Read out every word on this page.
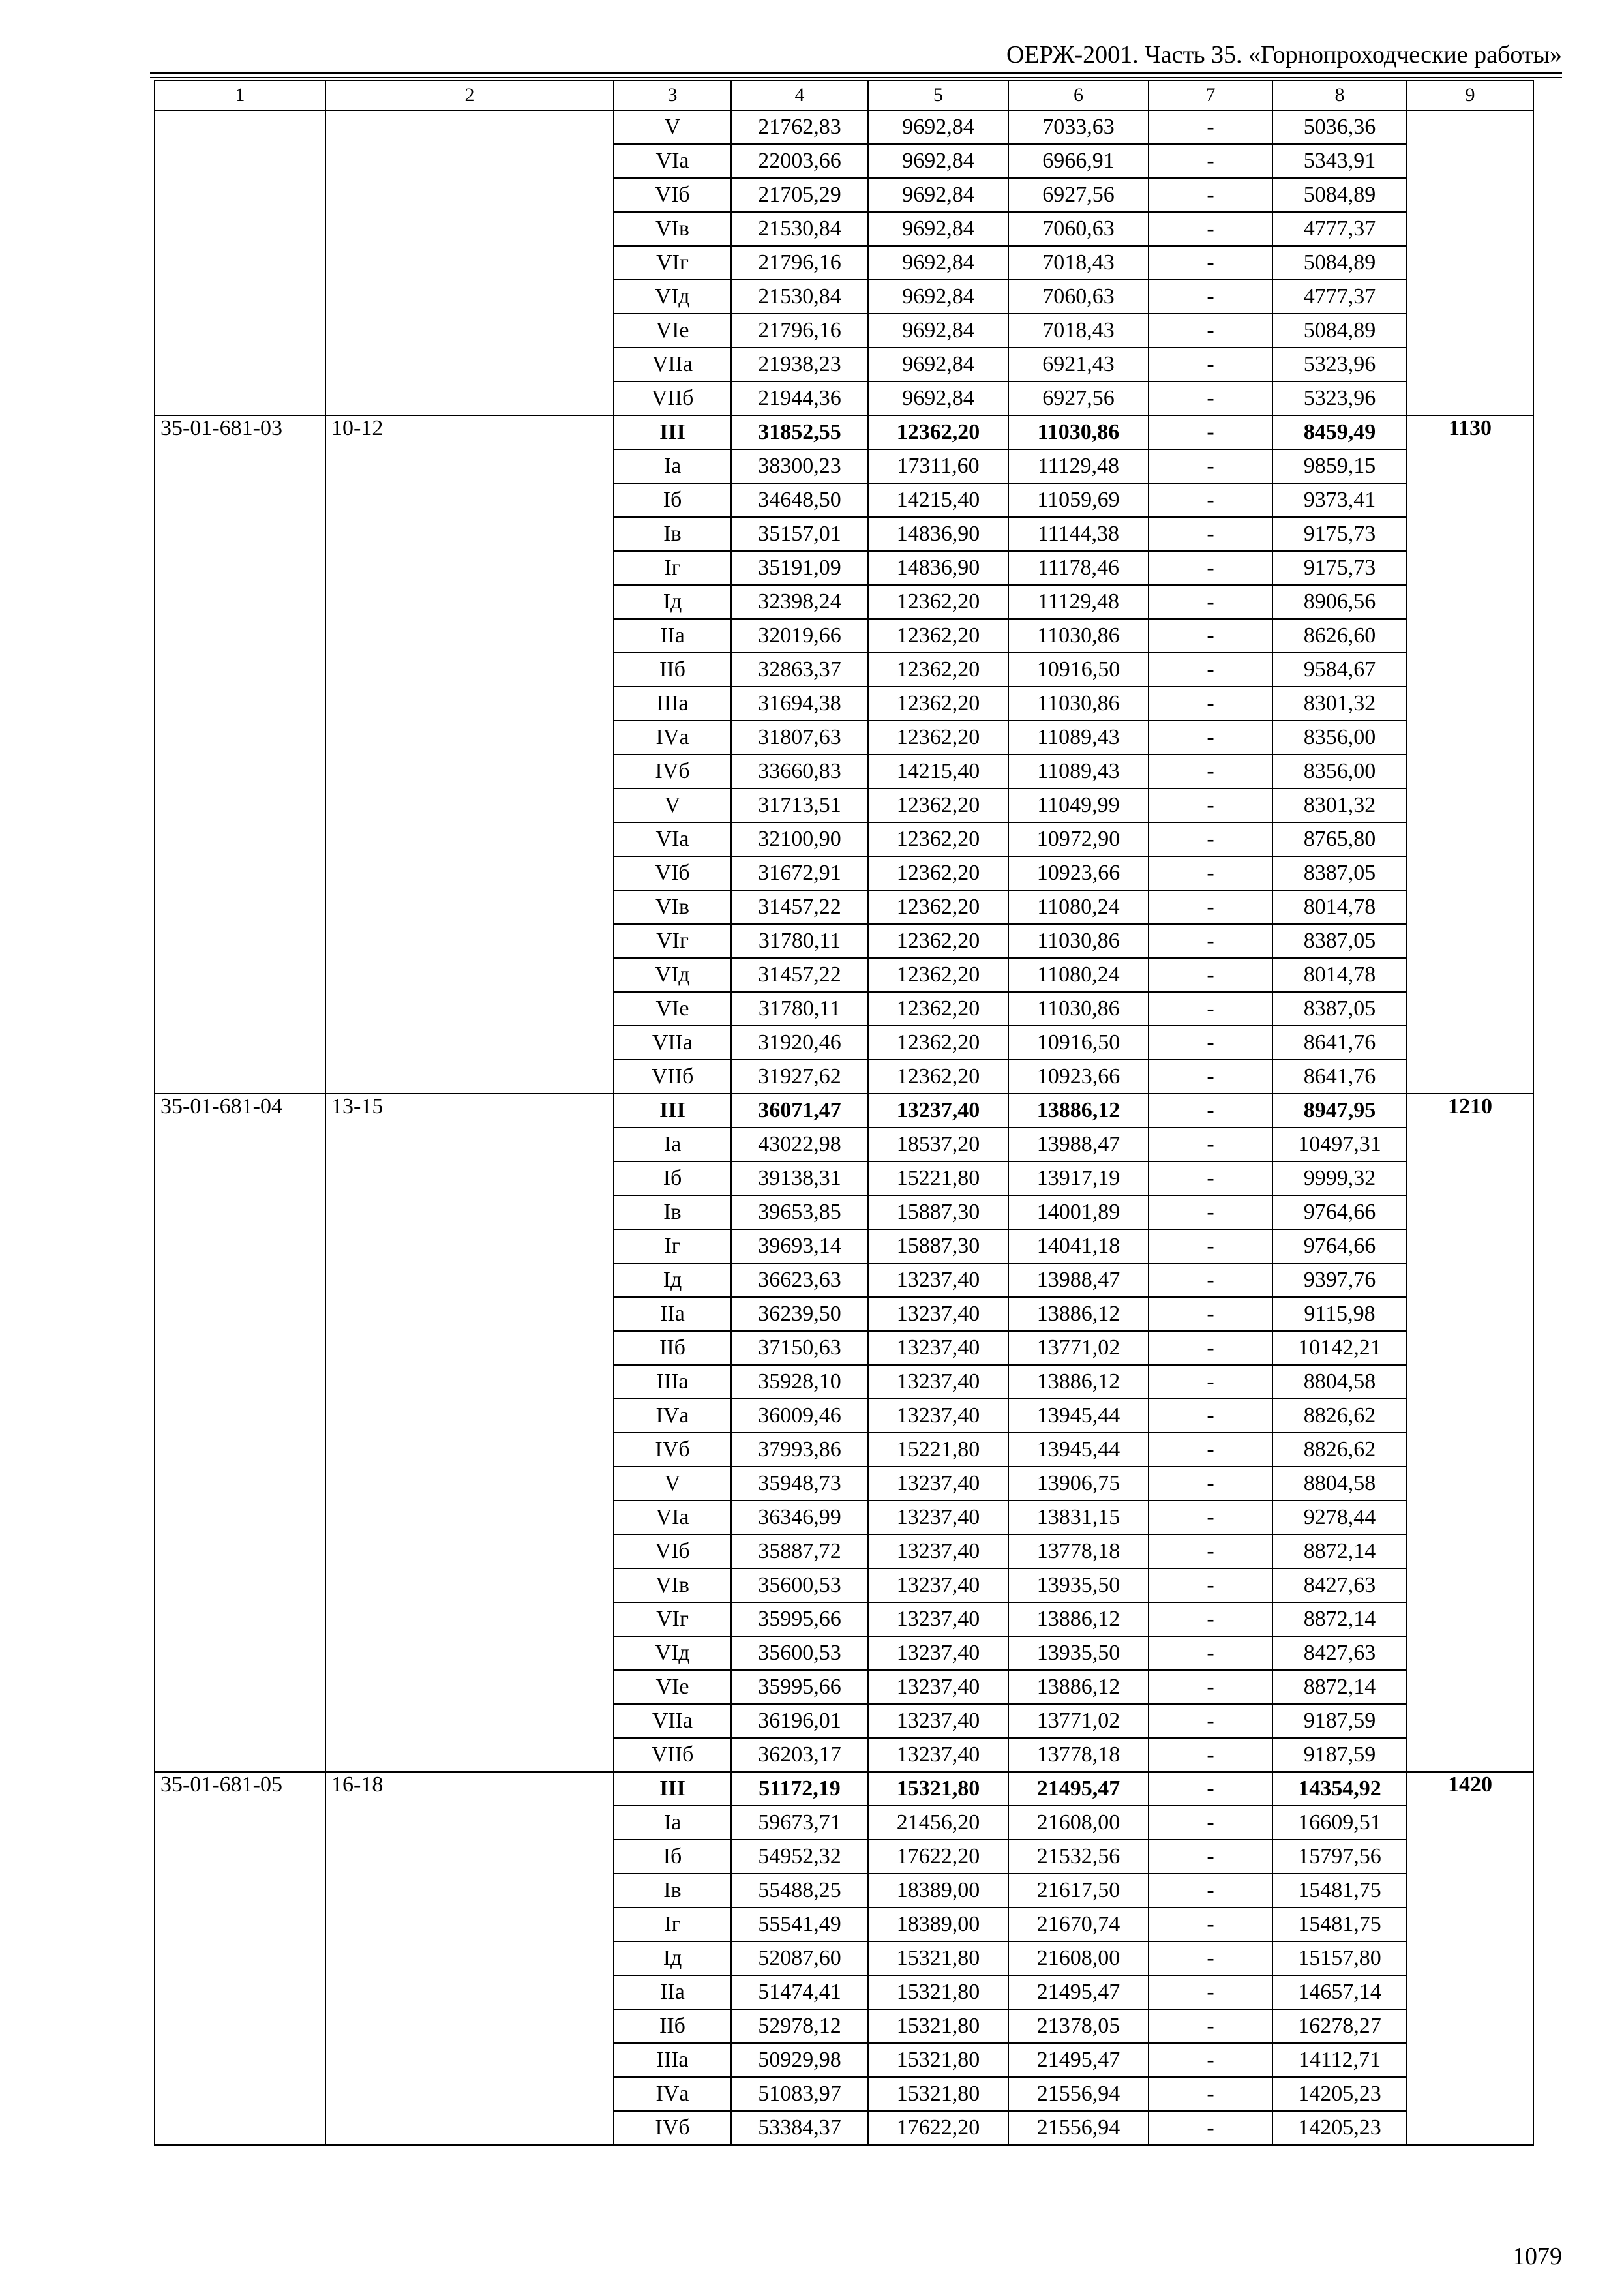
ОЕРЖ-2001. Часть 35. «Горнопроходческие работы»
1	2	3	4	5	6	7	8	9
		V	21762,83	9692,84	7033,63	-	5036,36	
		VIа	22003,66	9692,84	6966,91	-	5343,91	
		VIб	21705,29	9692,84	6927,56	-	5084,89	
		VIв	21530,84	9692,84	7060,63	-	4777,37	
		VIг	21796,16	9692,84	7018,43	-	5084,89	
		VIд	21530,84	9692,84	7060,63	-	4777,37	
		VIе	21796,16	9692,84	7018,43	-	5084,89	
		VIIа	21938,23	9692,84	6921,43	-	5323,96	
		VIIб	21944,36	9692,84	6927,56	-	5323,96	
35-01-681-03	10-12	III	31852,55	12362,20	11030,86	-	8459,49	1130
		Iа	38300,23	17311,60	11129,48	-	9859,15	
		Iб	34648,50	14215,40	11059,69	-	9373,41	
		Iв	35157,01	14836,90	11144,38	-	9175,73	
		Iг	35191,09	14836,90	11178,46	-	9175,73	
		Iд	32398,24	12362,20	11129,48	-	8906,56	
		IIа	32019,66	12362,20	11030,86	-	8626,60	
		IIб	32863,37	12362,20	10916,50	-	9584,67	
		IIIа	31694,38	12362,20	11030,86	-	8301,32	
		IVа	31807,63	12362,20	11089,43	-	8356,00	
		IVб	33660,83	14215,40	11089,43	-	8356,00	
		V	31713,51	12362,20	11049,99	-	8301,32	
		VIа	32100,90	12362,20	10972,90	-	8765,80	
		VIб	31672,91	12362,20	10923,66	-	8387,05	
		VIв	31457,22	12362,20	11080,24	-	8014,78	
		VIг	31780,11	12362,20	11030,86	-	8387,05	
		VIд	31457,22	12362,20	11080,24	-	8014,78	
		VIе	31780,11	12362,20	11030,86	-	8387,05	
		VIIа	31920,46	12362,20	10916,50	-	8641,76	
		VIIб	31927,62	12362,20	10923,66	-	8641,76	
35-01-681-04	13-15	III	36071,47	13237,40	13886,12	-	8947,95	1210
		Iа	43022,98	18537,20	13988,47	-	10497,31	
		Iб	39138,31	15221,80	13917,19	-	9999,32	
		Iв	39653,85	15887,30	14001,89	-	9764,66	
		Iг	39693,14	15887,30	14041,18	-	9764,66	
		Iд	36623,63	13237,40	13988,47	-	9397,76	
		IIа	36239,50	13237,40	13886,12	-	9115,98	
		IIб	37150,63	13237,40	13771,02	-	10142,21	
		IIIа	35928,10	13237,40	13886,12	-	8804,58	
		IVа	36009,46	13237,40	13945,44	-	8826,62	
		IVб	37993,86	15221,80	13945,44	-	8826,62	
		V	35948,73	13237,40	13906,75	-	8804,58	
		VIа	36346,99	13237,40	13831,15	-	9278,44	
		VIб	35887,72	13237,40	13778,18	-	8872,14	
		VIв	35600,53	13237,40	13935,50	-	8427,63	
		VIг	35995,66	13237,40	13886,12	-	8872,14	
		VIд	35600,53	13237,40	13935,50	-	8427,63	
		VIе	35995,66	13237,40	13886,12	-	8872,14	
		VIIа	36196,01	13237,40	13771,02	-	9187,59	
		VIIб	36203,17	13237,40	13778,18	-	9187,59	
35-01-681-05	16-18	III	51172,19	15321,80	21495,47	-	14354,92	1420
		Iа	59673,71	21456,20	21608,00	-	16609,51	
		Iб	54952,32	17622,20	21532,56	-	15797,56	
		Iв	55488,25	18389,00	21617,50	-	15481,75	
		Iг	55541,49	18389,00	21670,74	-	15481,75	
		Iд	52087,60	15321,80	21608,00	-	15157,80	
		IIа	51474,41	15321,80	21495,47	-	14657,14	
		IIб	52978,12	15321,80	21378,05	-	16278,27	
		IIIа	50929,98	15321,80	21495,47	-	14112,71	
		IVа	51083,97	15321,80	21556,94	-	14205,23	
		IVб	53384,37	17622,20	21556,94	-	14205,23	
1079
